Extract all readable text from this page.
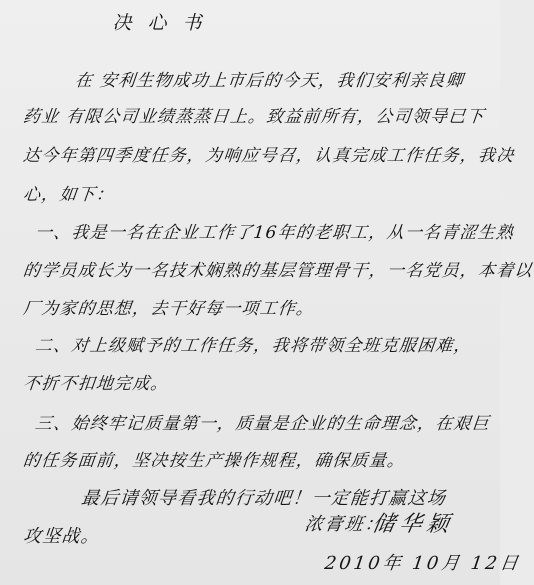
决心书
在 安利生物成功上市后的今天，我们安利亲良卿
药业 有限公司业绩蒸蒸日上。致益前所有，公司领导已下
达今年第四季度任务，为响应号召，认真完成工作任务，我决
心，如下：
一、我是一名在企业工作了16年的老职工，从一名青涩生熟
的学员成长为一名技术娴熟的基层管理骨干，一名党员，本着以
厂为家的思想，去干好每一项工作。
二、对上级赋予的工作任务，我将带领全班克服困难，
不折不扣地完成。
三、始终牢记质量第一，质量是企业的生命理念，在艰巨
的任务面前，坚决按生产操作规程，确保质量。
最后请领导看我的行动吧！一定能打赢这场
攻坚战。
浓膏班：
储华颖
2010年 10月 12日
